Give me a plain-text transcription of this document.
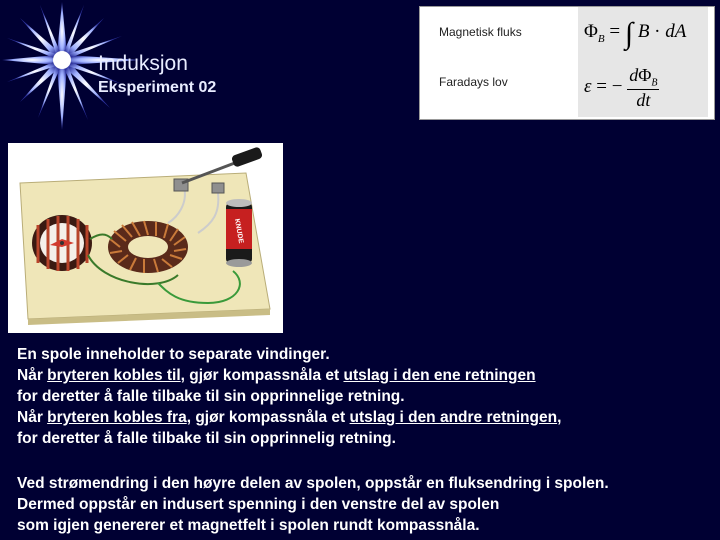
Induksjon
Eksperiment 02
Magnetisk fluks
Faradays lov
$\Phi_B$ = ∫ B · dA
ε = − $\frac{d\Phi_B}{dt}$
KNUDE
En spole inneholder to separate vindinger.
Når bryteren kobles til, gjør kompassnåla et utslag i den ene retningen
for deretter å falle tilbake til sin opprinnelige retning.
Når bryteren kobles fra, gjør kompassnåla et utslag i den andre retningen,
for deretter å falle tilbake til sin opprinnelig retning.
Ved strømendring i den høyre delen av spolen, oppstår en fluksendring i spolen.
Dermed oppstår en indusert spenning i den venstre del av spolen
som igjen genererer et magnetfelt i spolen rundt kompassnåla.
